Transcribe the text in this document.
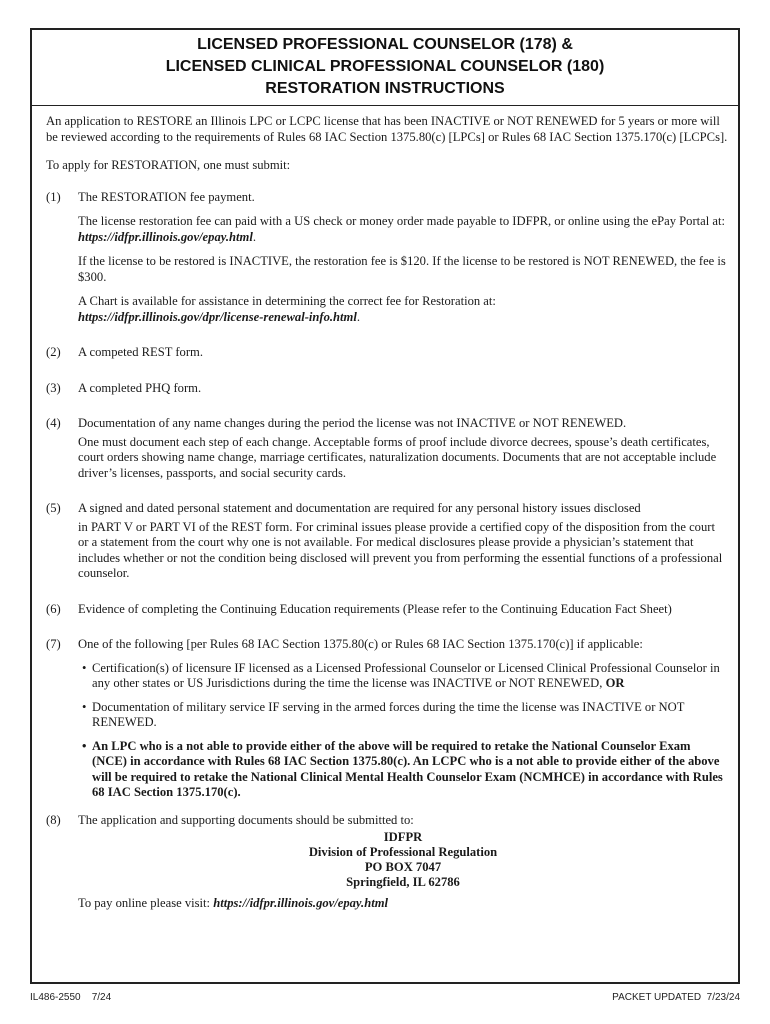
LICENSED PROFESSIONAL COUNSELOR (178) &
LICENSED CLINICAL PROFESSIONAL COUNSELOR (180)
RESTORATION INSTRUCTIONS

An application to RESTORE an Illinois LPC or LCPC license that has been INACTIVE or NOT RENEWED for 5 years or more will be reviewed according to the requirements of Rules 68 IAC Section 1375.80(c) [LPCs] or Rules 68 IAC Section 1375.170(c) [LCPCs].

To apply for RESTORATION, one must submit:

(1)	The RESTORATION fee payment.

The license restoration fee can paid with a US check or money order made payable to IDFPR, or online using the ePay Portal at: https://idfpr.illinois.gov/epay.html.

If the license to be restored is INACTIVE, the restoration fee is $120. If the license to be restored is NOT RENEWED, the fee is $300.

A Chart is available for assistance in determining the correct fee for Restoration at:
https://idfpr.illinois.gov/dpr/license-renewal-info.html.

(2)	A competed REST form.

(3)	A completed PHQ form.

(4)	Documentation of any name changes during the period the license was not INACTIVE or NOT RENEWED.

One must document each step of each change. Acceptable forms of proof include divorce decrees, spouse’s death certificates, court orders showing name change, marriage certificates, naturalization documents. Documents that are not acceptable include driver’s licenses, passports, and social security cards.

(5)	A signed and dated personal statement and documentation are required for any personal history issues disclosed

in PART V or PART VI of the REST form. For criminal issues please provide a certified copy of the disposition from the court or a statement from the court why one is not available. For medical disclosures please provide a physician’s statement that includes whether or not the condition being disclosed will prevent you from performing the essential functions of a professional counselor.

(6)	Evidence of completing the Continuing Education requirements (Please refer to the Continuing Education Fact Sheet)

(7)	One of the following [per Rules 68 IAC Section 1375.80(c) or Rules 68 IAC Section 1375.170(c)] if applicable:

• Certification(s) of licensure IF licensed as a Licensed Professional Counselor or Licensed Clinical Professional Counselor in any other states or US Jurisdictions during the time the license was INACTIVE or NOT RENEWED, OR
• Documentation of military service IF serving in the armed forces during the time the license was INACTIVE or NOT RENEWED.
• An LPC who is a not able to provide either of the above will be required to retake the National Counselor Exam (NCE) in accordance with Rules 68 IAC Section 1375.80(c). An LCPC who is a not able to provide either of the above will be required to retake the National Clinical Mental Health Counselor Exam (NCMHCE) in accordance with Rules 68 IAC Section 1375.170(c).
(8)	The application and supporting documents should be submitted to:

IDFPR
Division of Professional Regulation
PO BOX 7047
Springfield, IL 62786

To pay online please visit: https://idfpr.illinois.gov/epay.html

IL486-2550    7/24	PACKET UPDATED  7/23/24
